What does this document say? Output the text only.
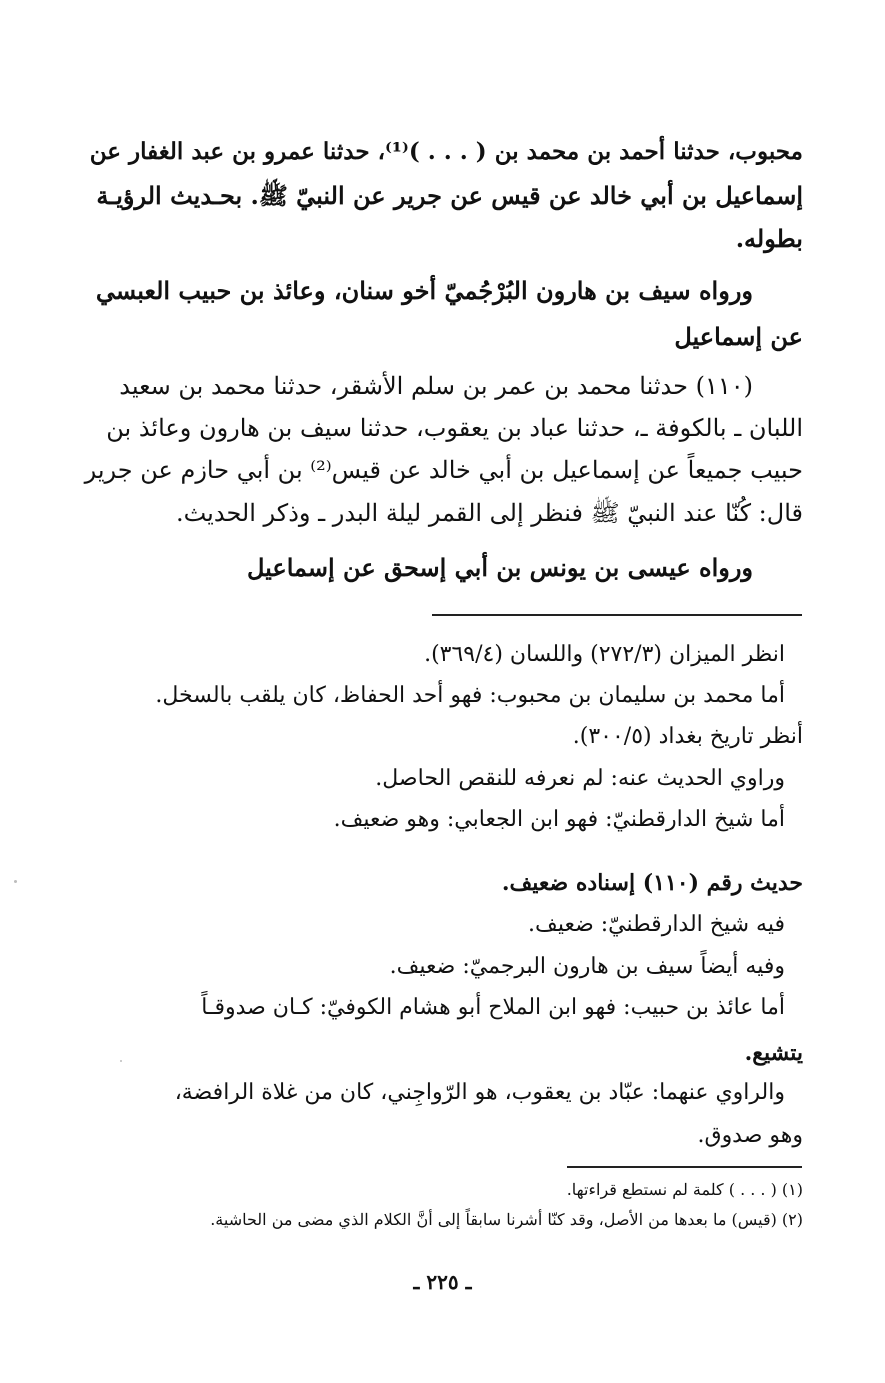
محبوب، حدثنا أحمد بن محمد بن ( . . . )⁽¹⁾، حدثنا عمرو بن عبد الغفار عن
إسماعيل بن أبي خالد عن قيس عن جرير عن النبيّ ﷺ. بحـديث الرؤيـة
بطوله.
ورواه سيف بن هارون البُرْجُميّ أخو سنان، وعائذ بن حبيب العبسي
عن إسماعيل
(١١٠) حدثنا محمد بن عمر بن سلم الأشقر، حدثنا محمد بن سعيد
اللبان ـ بالكوفة ـ، حدثنا عباد بن يعقوب، حدثنا سيف بن هارون وعائذ بن
حبيب جميعاً عن إسماعيل بن أبي خالد عن قيس⁽²⁾ بن أبي حازم عن جرير
قال: كُنّا عند النبيّ ﷺ فنظر إلى القمر ليلة البدر ـ وذكر الحديث.
ورواه عيسى بن يونس بن أبي إسحق عن إسماعيل
انظر الميزان (٢٧٢/٣) واللسان (٣٦٩/٤).
أما محمد بن سليمان بن محبوب: فهو أحد الحفاظ، كان يلقب بالسخل.
أنظر تاريخ بغداد (٣٠٠/٥).
وراوي الحديث عنه: لم نعرفه للنقص الحاصل.
أما شيخ الدارقطنيّ: فهو ابن الجعابي: وهو ضعيف.
حديث رقم (١١٠) إسناده ضعيف.
فيه شيخ الدارقطنيّ: ضعيف.
وفيه أيضاً سيف بن هارون البرجميّ: ضعيف.
أما عائذ بن حبيب: فهو ابن الملاح أبو هشام الكوفيّ: كـان صدوقـاً
يتشيع.
والراوي عنهما: عبّاد بن يعقوب، هو الرّواجِني، كان من غلاة الرافضة،
وهو صدوق.
(١) ( . . . ) كلمة لم نستطع قراءتها.
(٢) (قيس) ما بعدها من الأصل، وقد كنّا أشرنا سابقاً إلى أنَّ الكلام الذي مضى من الحاشية.
ـ ٢٢٥ ـ
